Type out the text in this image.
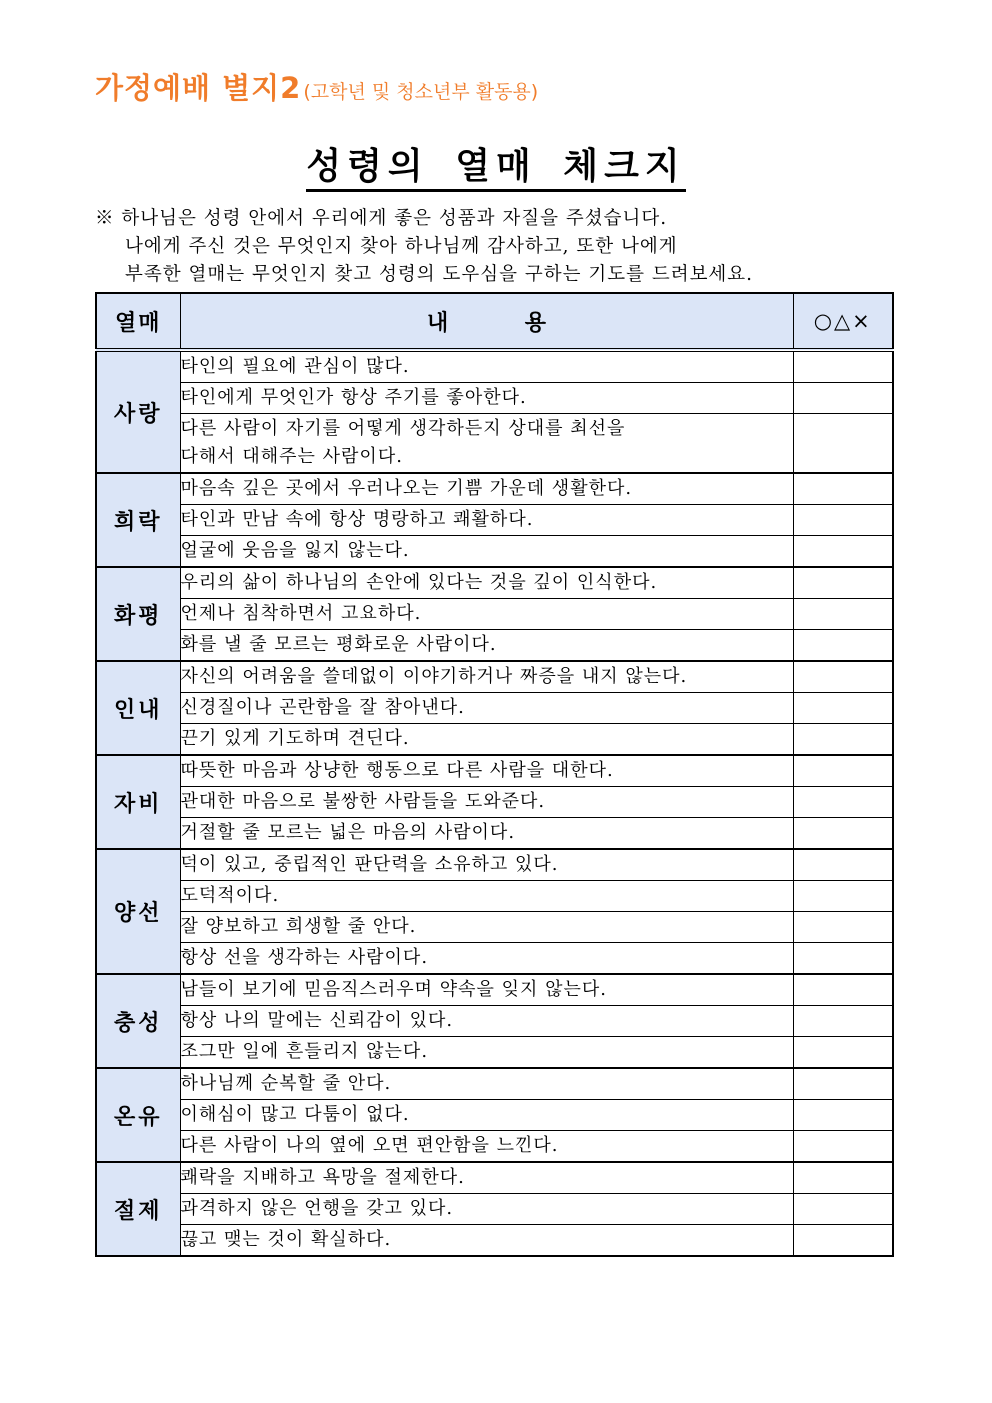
가정예배 별지2 (고학년 및 청소년부 활동용)
성령의 열매 체크지
※ 하나님은 성령 안에서 우리에게 좋은 성품과 자질을 주셨습니다.
나에게 주신 것은 무엇인지 찾아 하나님께 감사하고, 또한 나에게
부족한 열매는 무엇인지 찾고 성령의 도우심을 구하는 기도를 드려보세요.
열매	내          용	○△×
사랑	타인의 필요에 관심이 많다.	
	타인에게 무엇인가 항상 주기를 좋아한다.	
	다른 사람이 자기를 어떻게 생각하든지 상대를 최선을
다해서 대해주는 사람이다.	
희락	마음속 깊은 곳에서 우러나오는 기쁨 가운데 생활한다.	
	타인과 만남 속에 항상 명랑하고 쾌활하다.	
	얼굴에 웃음을 잃지 않는다.	
화평	우리의 삶이 하나님의 손안에 있다는 것을 깊이 인식한다.	
	언제나 침착하면서 고요하다.	
	화를 낼 줄 모르는 평화로운 사람이다.	
인내	자신의 어려움을 쓸데없이 이야기하거나 짜증을 내지 않는다.	
	신경질이나 곤란함을 잘 참아낸다.	
	끈기 있게 기도하며 견딘다.	
자비	따뜻한 마음과 상냥한 행동으로 다른 사람을 대한다.	
	관대한 마음으로 불쌍한 사람들을 도와준다.	
	거절할 줄 모르는 넓은 마음의 사람이다.	
양선	덕이 있고, 중립적인 판단력을 소유하고 있다.	
	도덕적이다.	
	잘 양보하고 희생할 줄 안다.	
	항상 선을 생각하는 사람이다.	
충성	남들이 보기에 믿음직스러우며 약속을 잊지 않는다.	
	항상 나의 말에는 신뢰감이 있다.	
	조그만 일에 흔들리지 않는다.	
온유	하나님께 순복할 줄 안다.	
	이해심이 많고 다툼이 없다.	
	다른 사람이 나의 옆에 오면 편안함을 느낀다.	
절제	쾌락을 지배하고 욕망을 절제한다.	
	과격하지 않은 언행을 갖고 있다.	
	끊고 맺는 것이 확실하다.	
